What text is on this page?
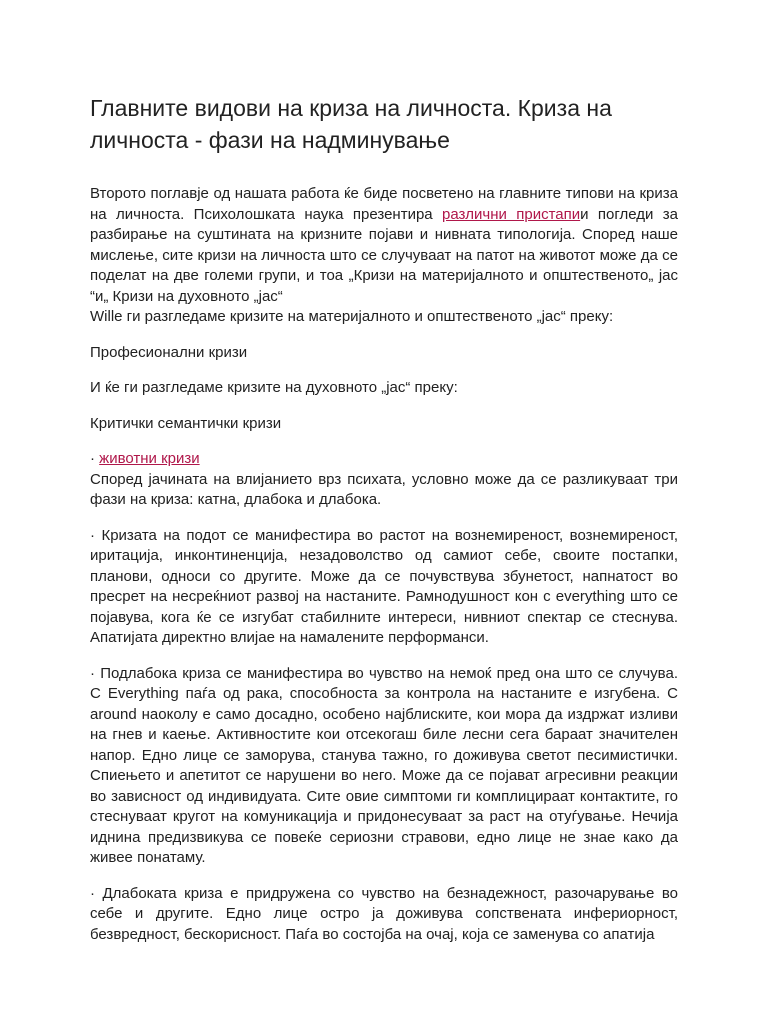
Главните видови на криза на личноста. Криза на личноста - фази на надминување

Второто поглавје од нашата работа ќе биде посветено на главните типови на криза на личноста. Психолошката наука презентира различни пристапии погледи за разбирање на суштината на кризните појави и нивната типологија. Според наше мислење, сите кризи на личноста што се случуваат на патот на животот може да се поделат на две големи групи, и тоа „Кризи на материјалното и општественото„ јас “и„ Кризи на духовното „јас“
Wille ги разгледаме кризите на материјалното и општественото „јас“ преку:

Професионални кризи

И ќе ги разгледаме кризите на духовното „јас“ преку:

Критички семантички кризи

· животни кризи
Според јачината на влијанието врз психата, условно може да се разликуваат три фази на криза: катна, длабока и длабока.

· Кризата на подот се манифестира во растот на вознемиреност, вознемиреност, иритација, инконтиненција, незадоволство од самиот себе, своите постапки, планови, односи со другите. Може да се почувствува збунетост, напнатост во пресрет на несреќниот развој на настаните. Рамнодушност кон с everything што се појавува, кога ќе се изгубат стабилните интереси, нивниот спектар се стеснува. Апатијата директно влијае на намалените перформанси.

· Подлабока криза се манифестира во чувство на немоќ пред она што се случува. С Everything паѓа од рака, способноста за контрола на настаните е изгубена. С around наоколу е само досадно, особено најблиските, кои мора да издржат изливи на гнев и каење. Активностите кои отсекогаш биле лесни сега бараат значителен напор. Едно лице се заморува, станува тажно, го доживува светот песимистички. Спиењето и апетитот се нарушени во него. Може да се појават агресивни реакции во зависност од индивидуата. Сите овие симптоми ги комплицираат контактите, го стеснуваат кругот на комуникација и придонесуваат за раст на отуѓување. Нечија иднина предизвикува се повеќе сериозни стравови, едно лице не знае како да живее понатаму.

· Длабоката криза е придружена со чувство на безнадежност, разочарување во себе и другите. Едно лице остро ја доживува сопствената инфериорност, безвредност, бескорисност. Паѓа во состојба на очај, која се заменува со апатија
